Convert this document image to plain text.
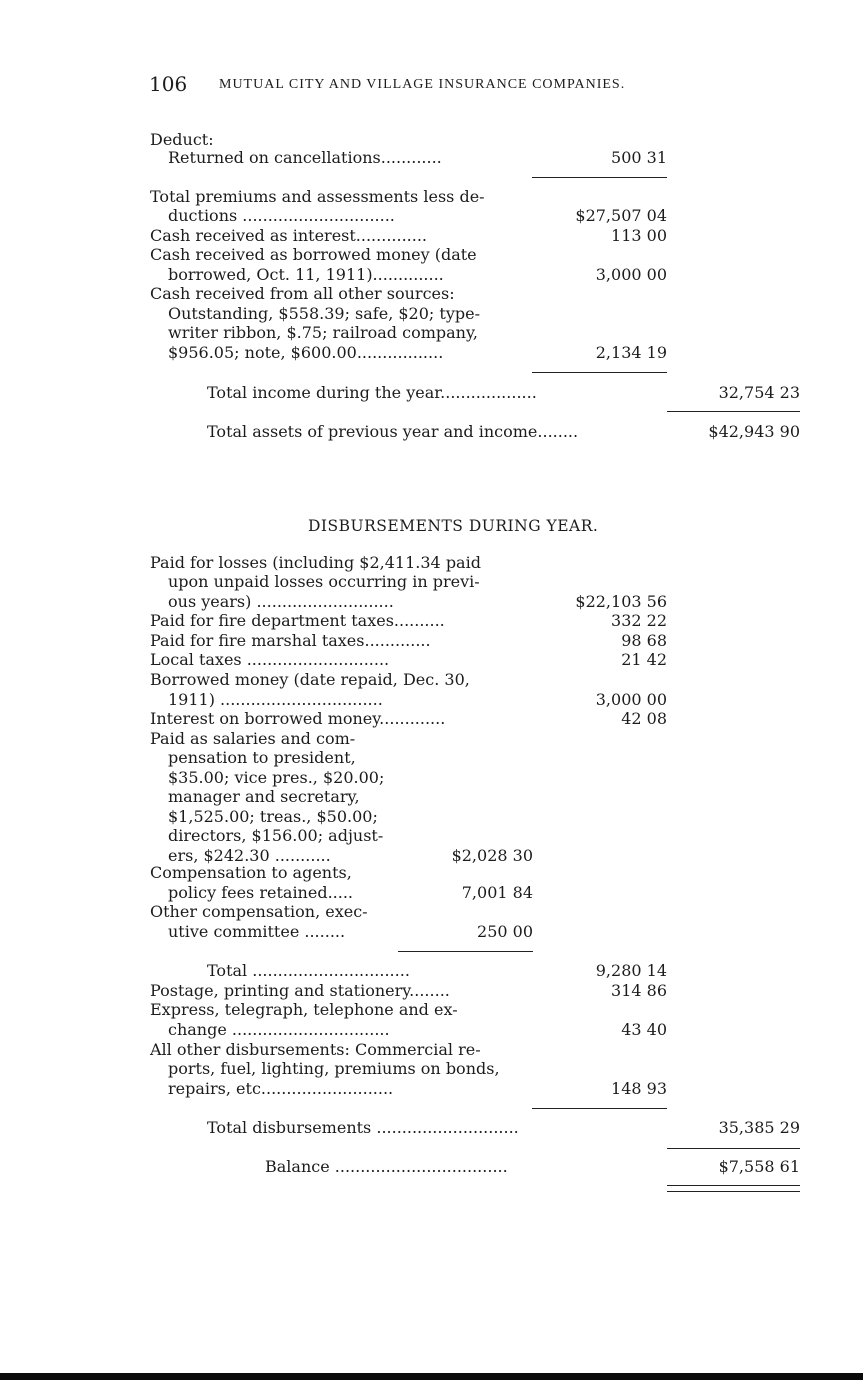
106 MUTUAL CITY AND VILLAGE INSURANCE COMPANIES.
Deduct:
Returned on cancellations............	500 31
Total premiums and assessments less de-
ductions ..............................	$27,507 04
Cash received as interest..............	113 00
Cash received as borrowed money (date
borrowed, Oct. 11, 1911)..............	3,000 00
Cash received from all other sources:
Outstanding, $558.39; safe, $20; type-
writer ribbon, $.75; railroad company,
$956.05; note, $600.00.................	2,134 19
Total income during the year...................	32,754 23
Total assets of previous year and income........	$42,943 90
DISBURSEMENTS DURING YEAR.
Paid for losses (including $2,411.34 paid
upon unpaid losses occurring in previ-
ous years) ...........................	$22,103 56
Paid for fire department taxes..........	332 22
Paid for fire marshal taxes.............	98 68
Local taxes ............................	21 42
Borrowed money (date repaid, Dec. 30,
1911) ................................	3,000 00
Interest on borrowed money.............	42 08
Paid as salaries and com-
pensation to president,
$35.00; vice pres., $20.00;
manager and secretary,
$1,525.00; treas., $50.00;
directors, $156.00; adjust-
ers, $242.30 ...........	$2,028 30
Compensation to agents,
policy fees retained.....	7,001 84
Other compensation, exec-
utive committee ........	250 00
Total ...............................	9,280 14
Postage, printing and stationery........	314 86
Express, telegraph, telephone and ex-
change ...............................	43 40
All other disbursements: Commercial re-
ports, fuel, lighting, premiums on bonds,
repairs, etc..........................	148 93
Total disbursements ............................	35,385 29
Balance ..................................	$7,558 61
